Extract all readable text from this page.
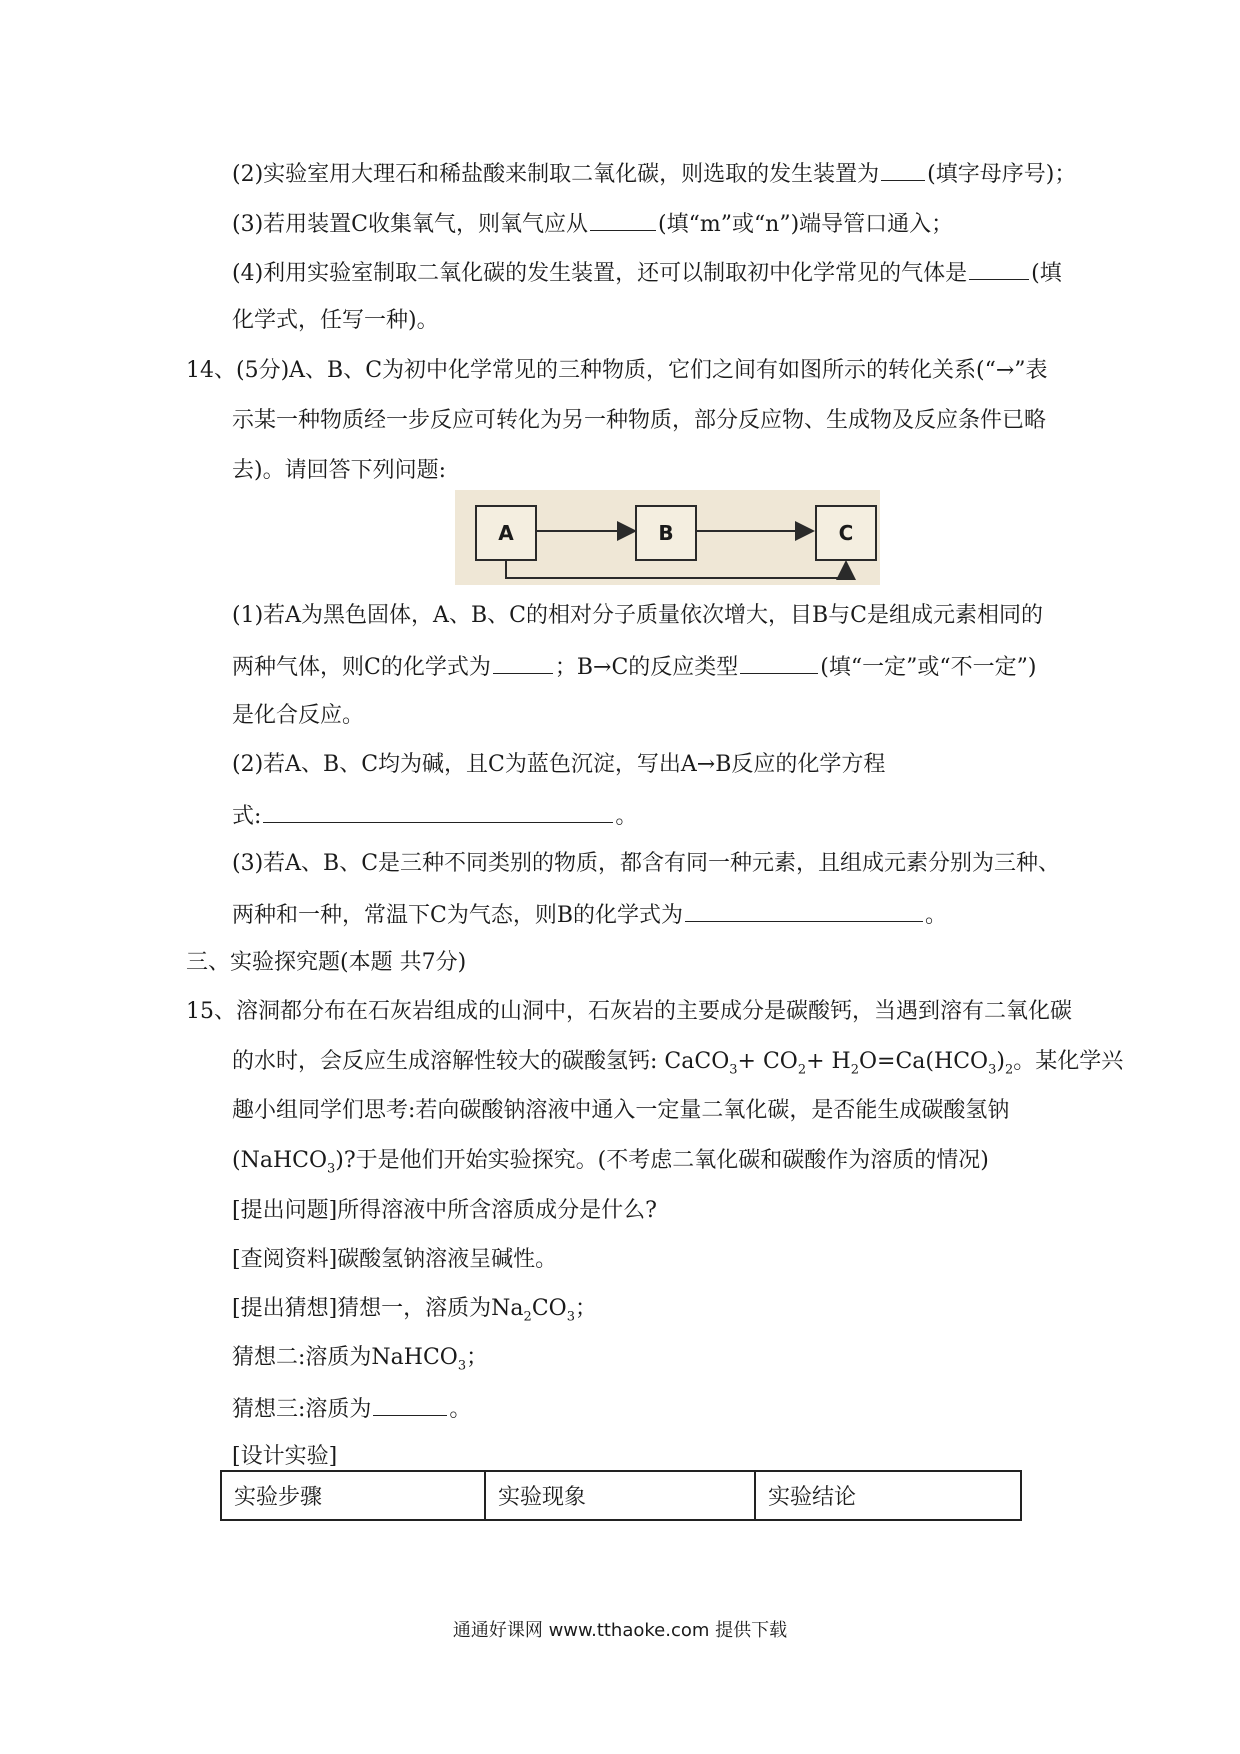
(2)实验室用大理石和稀盐酸来制取二氧化碳，则选取的发生装置为 (填字母序号)；
(3)若用装置C收集氧气，则氧气应从	(填“m”或“n”)端导管口通入；
(4)利用实验室制取二氧化碳的发生装置，还可以制取初中化学常见的气体是	(填
化学式，任写一种)。
14、(5分)A、B、C为初中化学常见的三种物质，它们之间有如图所示的转化关系(“→”表
示某一种物质经一步反应可转化为另一种物质，部分反应物、生成物及反应条件已略
去)。请回答下列问题:
A	B	C
(1)若A为黑色固体，A、B、C的相对分子质量依次增大，目B与C是组成元素相同的
两种气体，则C的化学式为	；B→C的反应类型	(填“一定”或“不一定”)
是化合反应。
(2)若A、B、C均为碱，且C为蓝色沉淀，写出A→B反应的化学方程
式:	。
(3)若A、B、C是三种不同类别的物质，都含有同一种元素，且组成元素分别为三种、
两种和一种，常温下C为气态，则B的化学式为	。
三、实验探究题(本题 共7分)
15、溶洞都分布在石灰岩组成的山洞中，石灰岩的主要成分是碳酸钙，当遇到溶有二氧化碳
的水时，会反应生成溶解性较大的碳酸氢钙: CaCO$_3$+ $CO_2+ H_2O=Ca(HCO_3)_2$。某化学兴
趣小组同学们思考:若向碳酸钠溶液中通入一定量二氧化碳，是否能生成碳酸氢钠
(NaHCO$_3$)?于是他们开始实验探究。(不考虑二氧化碳和碳酸作为溶质的情况)
[提出问题]所得溶液中所含溶质成分是什么?
[查阅资料]碳酸氢钠溶液呈碱性。
[提出猜想]猜想一，溶质为$Na_2CO_3$；
猜想二:溶质为NaHCO$_3$；
猜想三:溶质为	。
[设计实验]
实验步骤	实验现象	实验结论
通通好课网 www.tthaoke.com 提供下载
